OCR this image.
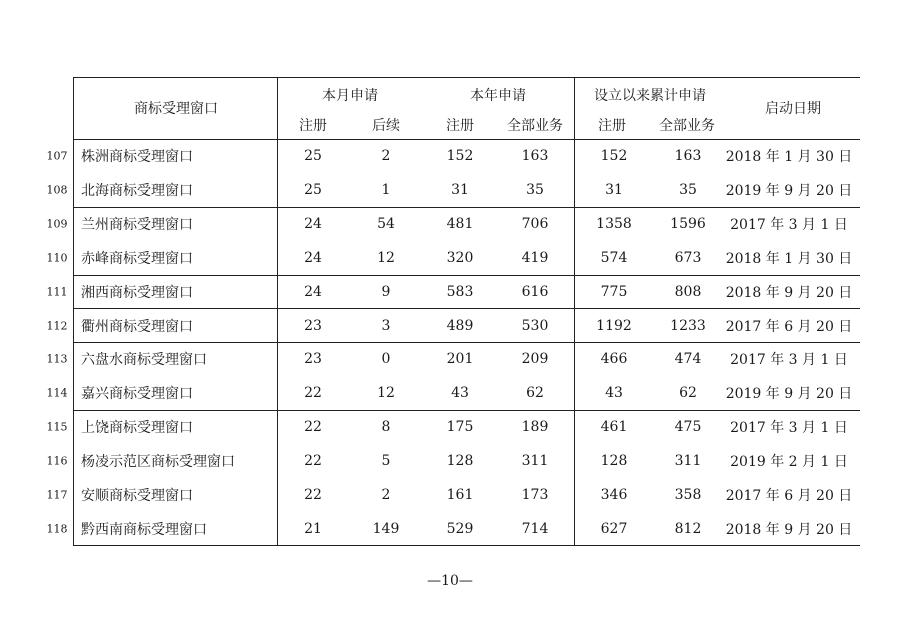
商标受理窗口
本月申请	本年申请	设立以来累计申请
启动日期
注册	后续	注册 全部业务	注册 全部业务
107 株洲商标受理窗口	25	2	152	163	152	163 2018 年 1 月 30 日
108 北海商标受理窗口	25	1	31	35	31	35 2019 年 9 月 20 日
109 兰州商标受理窗口	24	54	481	706	1358	1596 2017 年 3 月 1 日
110 赤峰商标受理窗口	24	12	320	419	574	673 2018 年 1 月 30 日
111 湘西商标受理窗口	24	9	583	616	775	808 2018 年 9 月 20 日
112 衢州商标受理窗口	23	3	489	530	1192	1233 2017 年 6 月 20 日
113 六盘水商标受理窗口	23	0	201	209	466	474 2017 年 3 月 1 日
114 嘉兴商标受理窗口	22	12	43	62	43	62 2019 年 9 月 20 日
115 上饶商标受理窗口	22	8	175	189	461	475 2017 年 3 月 1 日
116 杨凌示范区商标受理窗口	22	5	128	311	128	311 2019 年 2 月 1 日
117 安顺商标受理窗口	22	2	161	173	346	358 2017 年 6 月 20 日
118 黔西南商标受理窗口	21	149	529	714	627	812 2018 年 9 月 20 日
—10—
